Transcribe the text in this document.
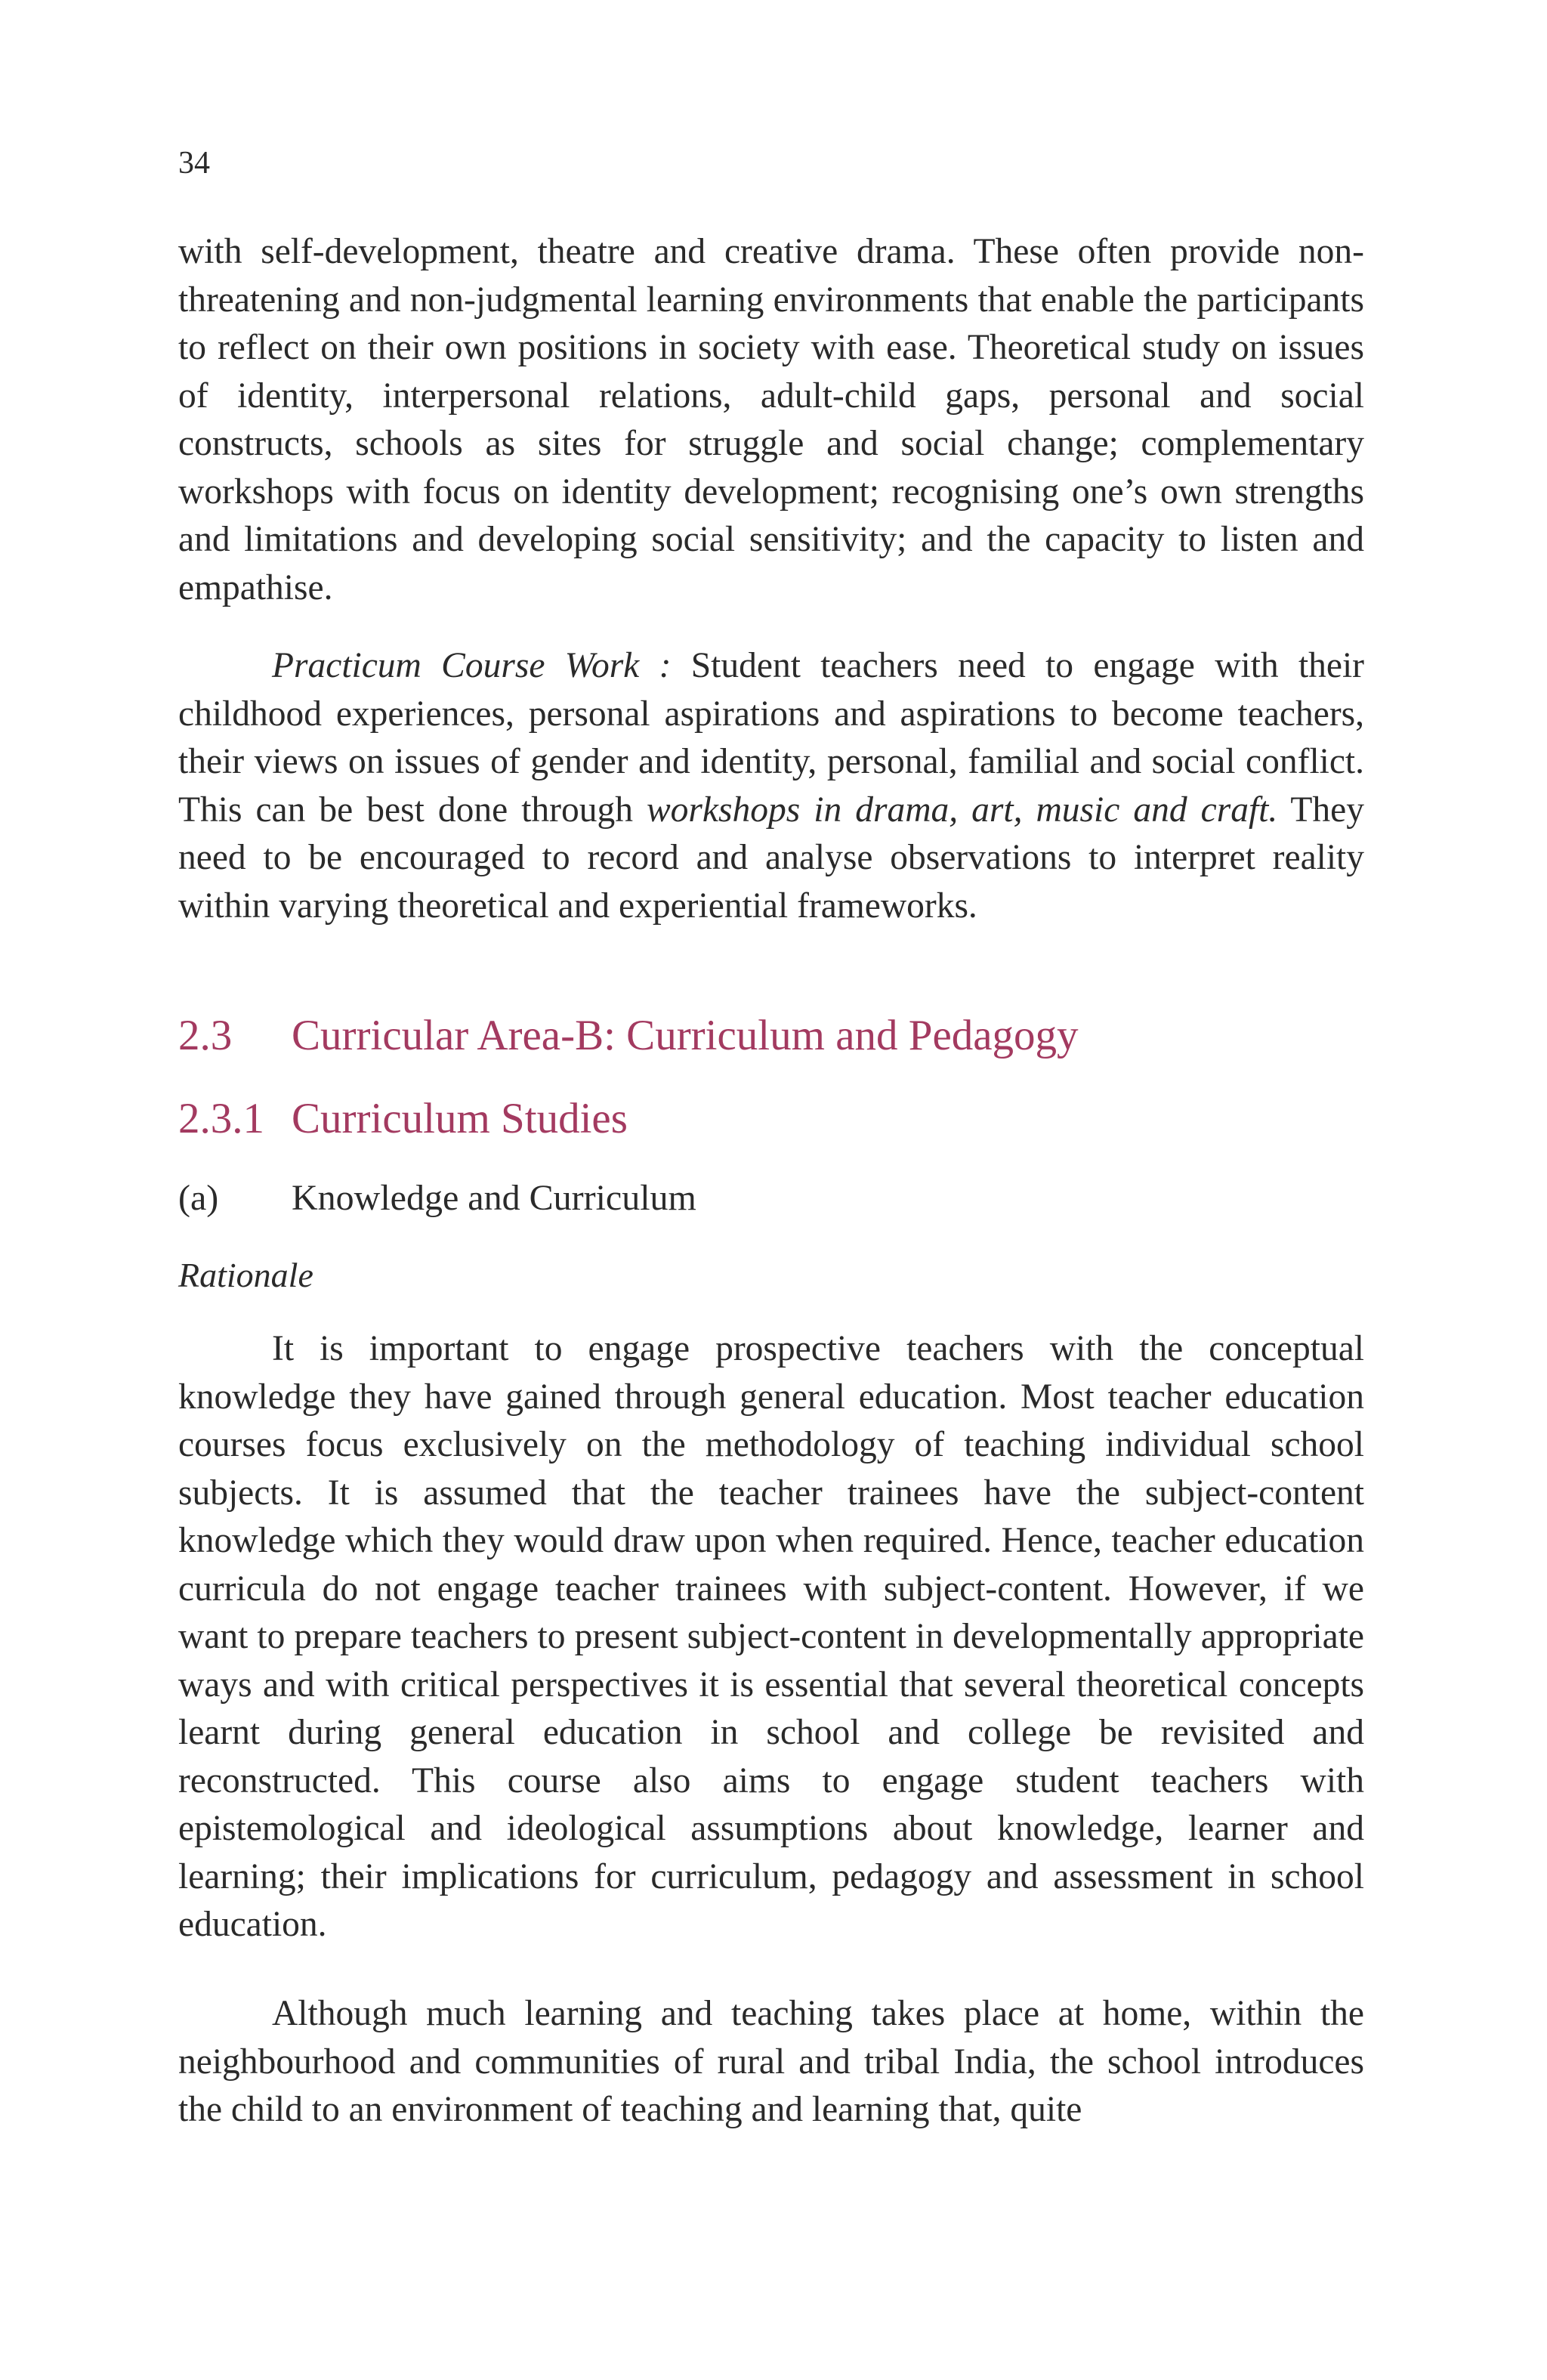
34

with self-development, theatre and creative drama. These often provide non-threatening and non-judgmental learning environments that enable the participants to reflect on their own positions in society with ease. Theoretical study on issues of identity, interpersonal relations, adult-child gaps, personal and social constructs, schools as sites for struggle and social change; complementary workshops with focus on identity development; recognising one’s own strengths and limitations and developing social sensitivity; and the capacity to listen and empathise.

Practicum Course Work : Student teachers need to engage with their childhood experiences, personal aspirations and aspirations to become teachers, their views on issues of gender and identity, personal, familial and social conflict. This can be best done through workshops in drama, art, music and craft. They need to be encouraged to record and analyse observations to interpret reality within varying theoretical and experiential frameworks.

2.3 Curricular Area-B: Curriculum and Pedagogy
2.3.1 Curriculum Studies
(a) Knowledge and Curriculum
Rationale

It is important to engage prospective teachers with the conceptual knowledge they have gained through general education. Most teacher education courses focus exclusively on the methodology of teaching individual school subjects. It is assumed that the teacher trainees have the subject-content knowledge which they would draw upon when required. Hence, teacher education curricula do not engage teacher trainees with subject-content. However, if we want to prepare teachers to present subject-content in developmentally appropriate ways and with critical perspectives it is essential that several theoretical concepts learnt during general education in school and college be revisited and reconstructed. This course also aims to engage student teachers with epistemological and ideological assumptions about knowledge, learner and learning; their implications for curriculum, pedagogy and assessment in school education.

Although much learning and teaching takes place at home, within the neighbourhood and communities of rural and tribal India, the school introduces the child to an environment of teaching and learning that, quite
